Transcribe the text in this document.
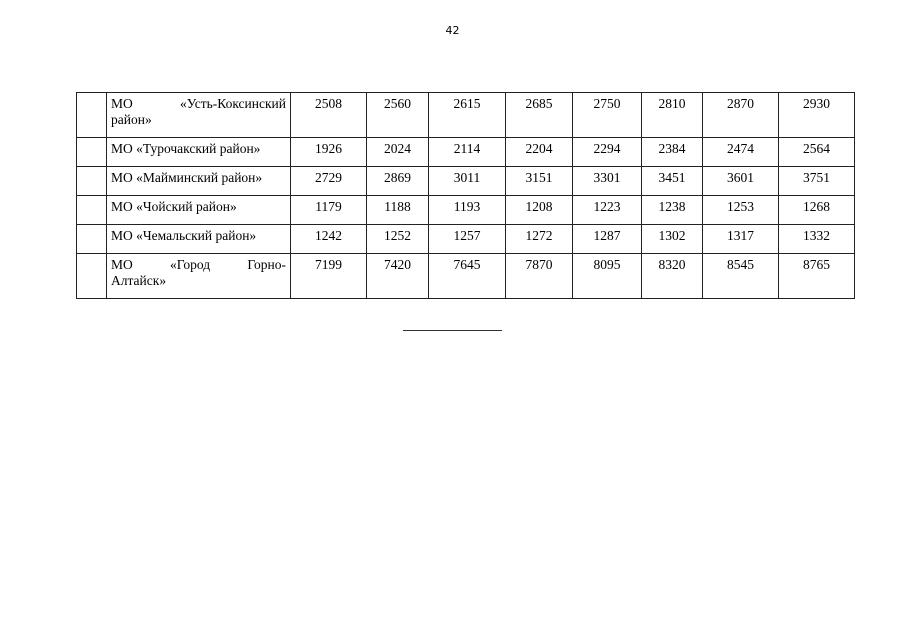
42

	МО «Усть-Коксинский
район»	2508	2560	2615	2685	2750	2810	2870	2930
	МО «Турочакский район»	1926	2024	2114	2204	2294	2384	2474	2564
	МО «Майминский район»	2729	2869	3011	3151	3301	3451	3601	3751
	МО «Чойский район»	1179	1188	1193	1208	1223	1238	1253	1268
	МО «Чемальский район»	1242	1252	1257	1272	1287	1302	1317	1332

	МО «Город Горно-
Алтайск»	7199	7420	7645	7870	8095	8320	8545	8765
